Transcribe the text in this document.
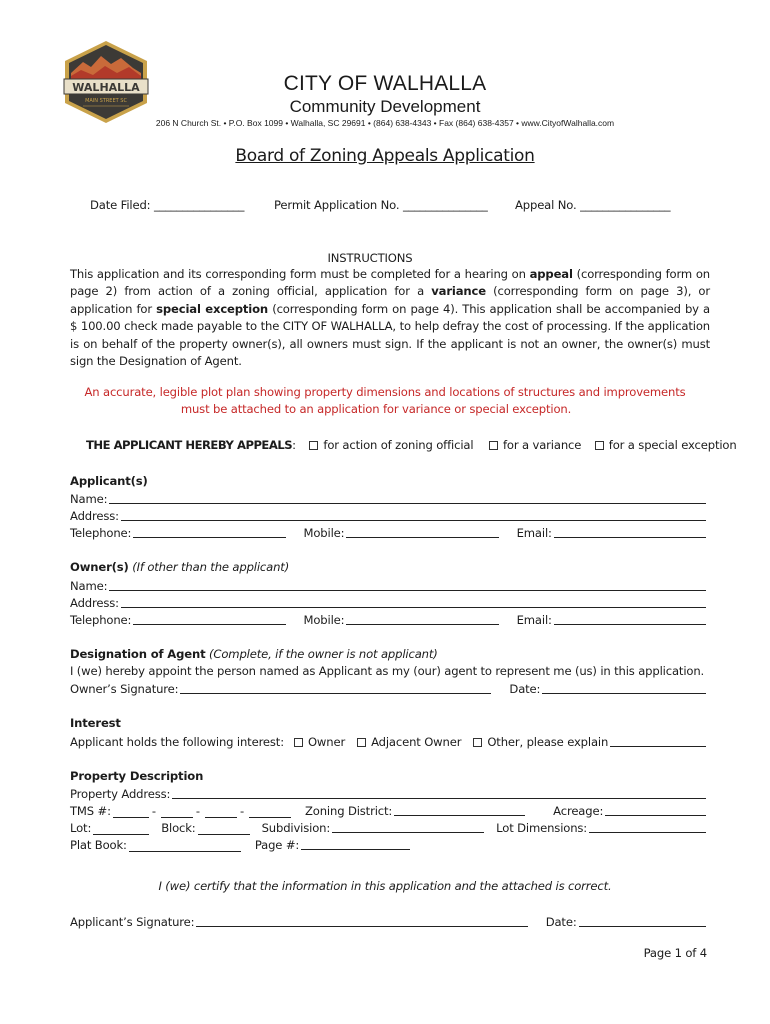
WALHALLA
MAIN STREET SC
CITY OF WALHALLA
Community Development
206 N Church St. • P.O. Box 1099 • Walhalla, SC 29691 • (864) 638-4343 • Fax (864) 638-4357 • www.CityofWalhalla.com
Board of Zoning Appeals Application
Date Filed: ________________	Permit Application No. _______________ Appeal No. ________________
INSTRUCTIONS
This application and its corresponding form must be completed for a hearing on appeal (corresponding form on page 2) from action of a zoning official, application for a variance (corresponding form on page 3), or application for special exception (corresponding form on page 4). This application shall be accompanied by a $ 100.00 check made payable to the CITY OF WALHALLA, to help defray the cost of processing. If the application is on behalf of the property owner(s), all owners must sign. If the applicant is not an owner, the owner(s) must sign the Designation of Agent.
An accurate, legible plot plan showing property dimensions and locations of structures and improvements
must be attached to an application for variance or special exception.
THE APPLICANT HEREBY APPEALS: for action of zoning official	for a variance for a special exception
Applicant(s)
Name:
Address:
Telephone:	Mobile:	Email:
Owner(s) (If other than the applicant)
Name:
Address:
Telephone:	Mobile:	Email:
Designation of Agent (Complete, if the owner is not applicant)
I (we) hereby appoint the person named as Applicant as my (our) agent to represent me (us) in this application.
Owner’s Signature:	Date:
Interest
Applicant holds the following interest:	Owner	Adjacent Owner	Other, please explain
Property Description
Property Address:
TMS #:	-	-	-	Zoning District:	Acreage:
Lot:	Block:	Subdivision:	Lot Dimensions:
Plat Book:	Page #:
I (we) certify that the information in this application and the attached is correct.
Applicant’s Signature:	Date:
Page 1 of 4
